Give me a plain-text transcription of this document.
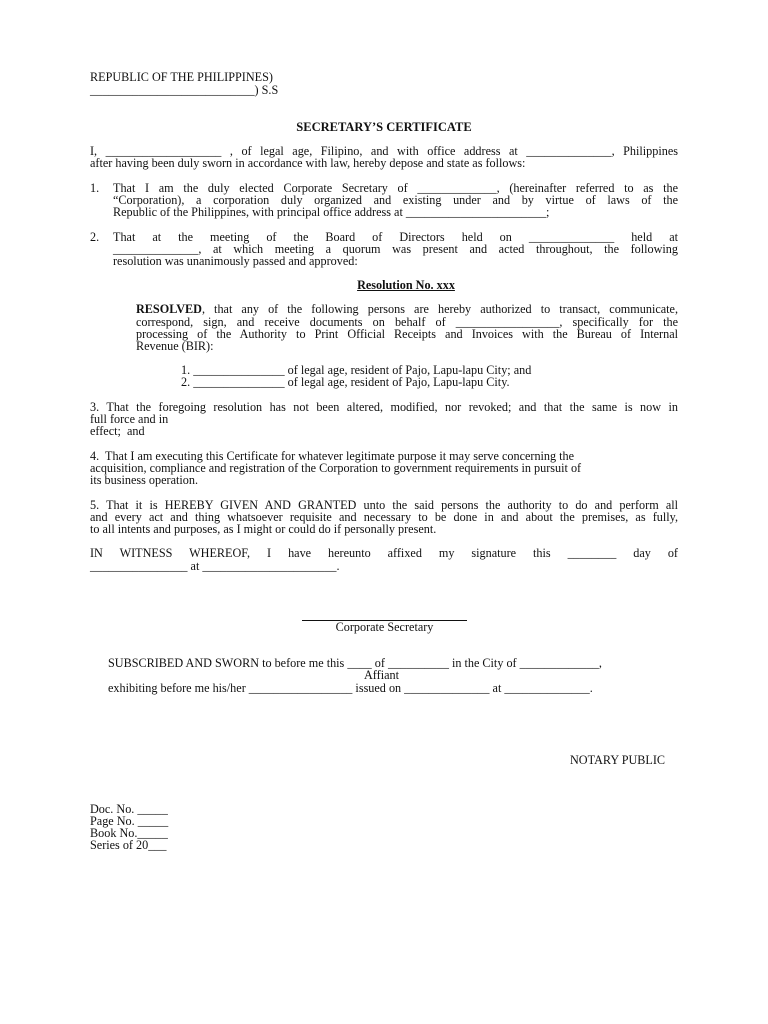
REPUBLIC OF THE PHILIPPINES)
___________________________) S.S
SECRETARY’S CERTIFICATE
I, ___________________ , of legal age, Filipino, and with office address at ______________, Philippines
after having been duly sworn in accordance with law, hereby depose and state as follows:
1. That I am the duly elected Corporate Secretary of _____________, (hereinafter referred to as the
“Corporation), a corporation duly organized and existing under and by virtue of laws of the
Republic of the Philippines, with principal office address at _______________________;
2. That at the meeting of the Board of Directors held on ______________ held at
______________, at which meeting a quorum was present and acted throughout, the following
resolution was unanimously passed and approved:
Resolution No. xxx
RESOLVED, that any of the following persons are hereby authorized to transact, communicate,
correspond, sign, and receive documents on behalf of _________________, specifically for the
processing of the Authority to Print Official Receipts and Invoices with the Bureau of Internal
Revenue (BIR):
1. _______________ of legal age, resident of Pajo, Lapu-lapu City; and
2. _______________ of legal age, resident of Pajo, Lapu-lapu City.
3. That the foregoing resolution has not been altered, modified, nor revoked; and that the same is now in
full force and in
effect;  and
4.  That I am executing this Certificate for whatever legitimate purpose it may serve concerning the
acquisition, compliance and registration of the Corporation to government requirements in pursuit of
its business operation.
5. That it is HEREBY GIVEN AND GRANTED unto the said persons the authority to do and perform all
and every act and thing whatsoever requisite and necessary to be done in and about the premises, as fully,
to all intents and purposes, as I might or could do if personally present.
IN WITNESS WHEREOF, I have hereunto affixed my signature this ________ day of
________________ at ______________________.
Corporate Secretary
SUBSCRIBED AND SWORN to before me this ____ of __________ in the City of _____________,
Affiant
exhibiting before me his/her _________________ issued on ______________ at ______________.
NOTARY PUBLIC
Doc. No. _____
Page No. _____
Book No._____
Series of 20___
